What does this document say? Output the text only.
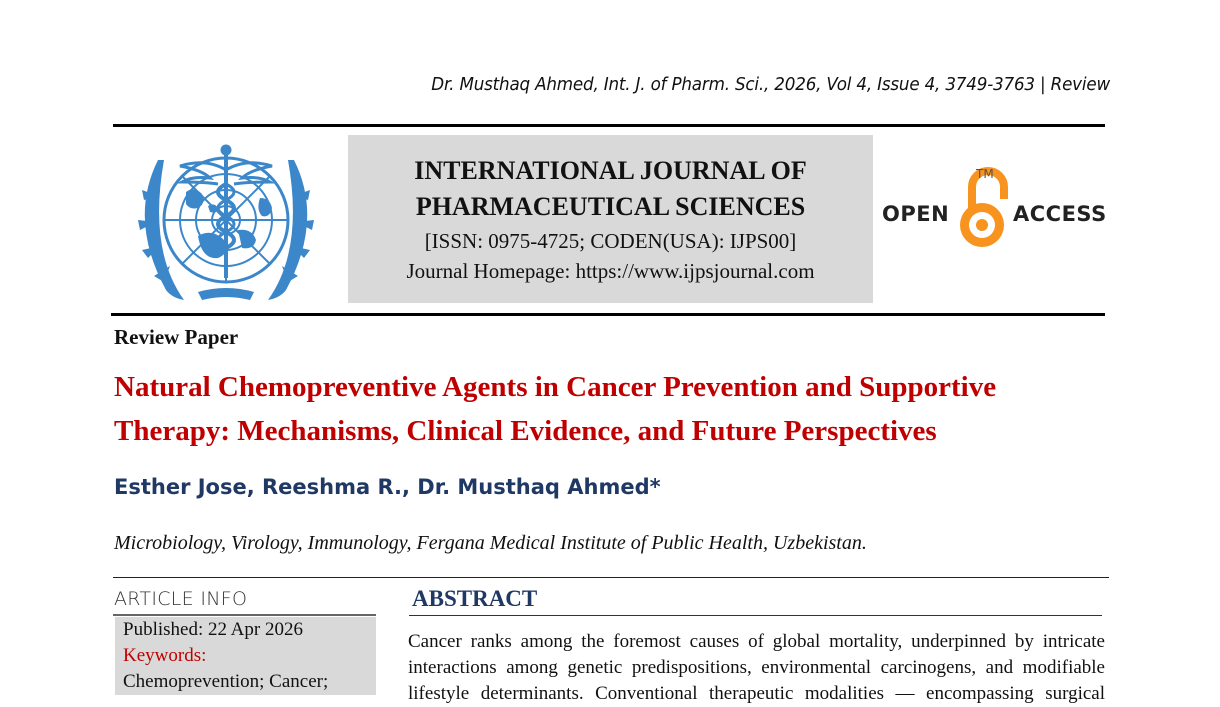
Dr. Musthaq Ahmed, Int. J. of Pharm. Sci., 2026, Vol 4, Issue 4, 3749-3763 | Review
INTERNATIONAL JOURNAL OF
PHARMACEUTICAL SCIENCES
[ISSN: 0975-4725; CODEN(USA): IJPS00]
Journal Homepage: https://www.ijpsjournal.com
OPEN
TM
ACCESS
Review Paper
Natural Chemopreventive Agents in Cancer Prevention and Supportive
Therapy: Mechanisms, Clinical Evidence, and Future Perspectives
Esther Jose, Reeshma R., Dr. Musthaq Ahmed*
Microbiology, Virology, Immunology, Fergana Medical Institute of Public Health, Uzbekistan.
ARTICLE INFO
Published: 22 Apr 2026
Keywords:
Chemoprevention; Cancer;
ABSTRACT
Cancer ranks among the foremost causes of global mortality, underpinned by intricate
interactions among genetic predispositions, environmental carcinogens, and modifiable
lifestyle determinants. Conventional therapeutic modalities — encompassing surgical
